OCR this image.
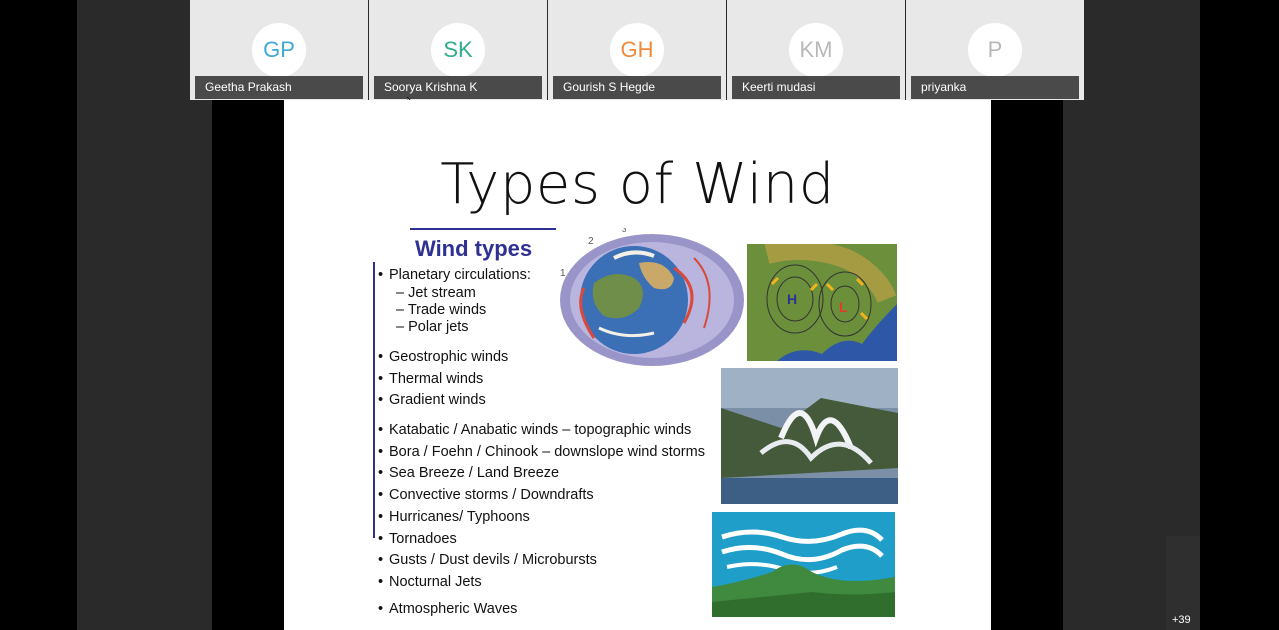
GP
Geetha Prakash
SK
Soorya Krishna K
GH
Gourish S Hegde
KM
Keerti mudasi
P
priyanka
Types of Wind
Wind types
• Planetary circulations:
– Jet stream
– Trade winds
– Polar jets
• Geostrophic winds
• Thermal winds
• Gradient winds
• Katabatic / Anabatic winds – topographic winds
• Bora / Foehn / Chinook – downslope wind storms
• Sea Breeze / Land Breeze
• Convective storms / Downdrafts
• Hurricanes/ Typhoons
• Tornadoes
• Gusts / Dust devils / Microbursts
• Nocturnal Jets
• Atmospheric Waves
1
2
3
H	L
+39
